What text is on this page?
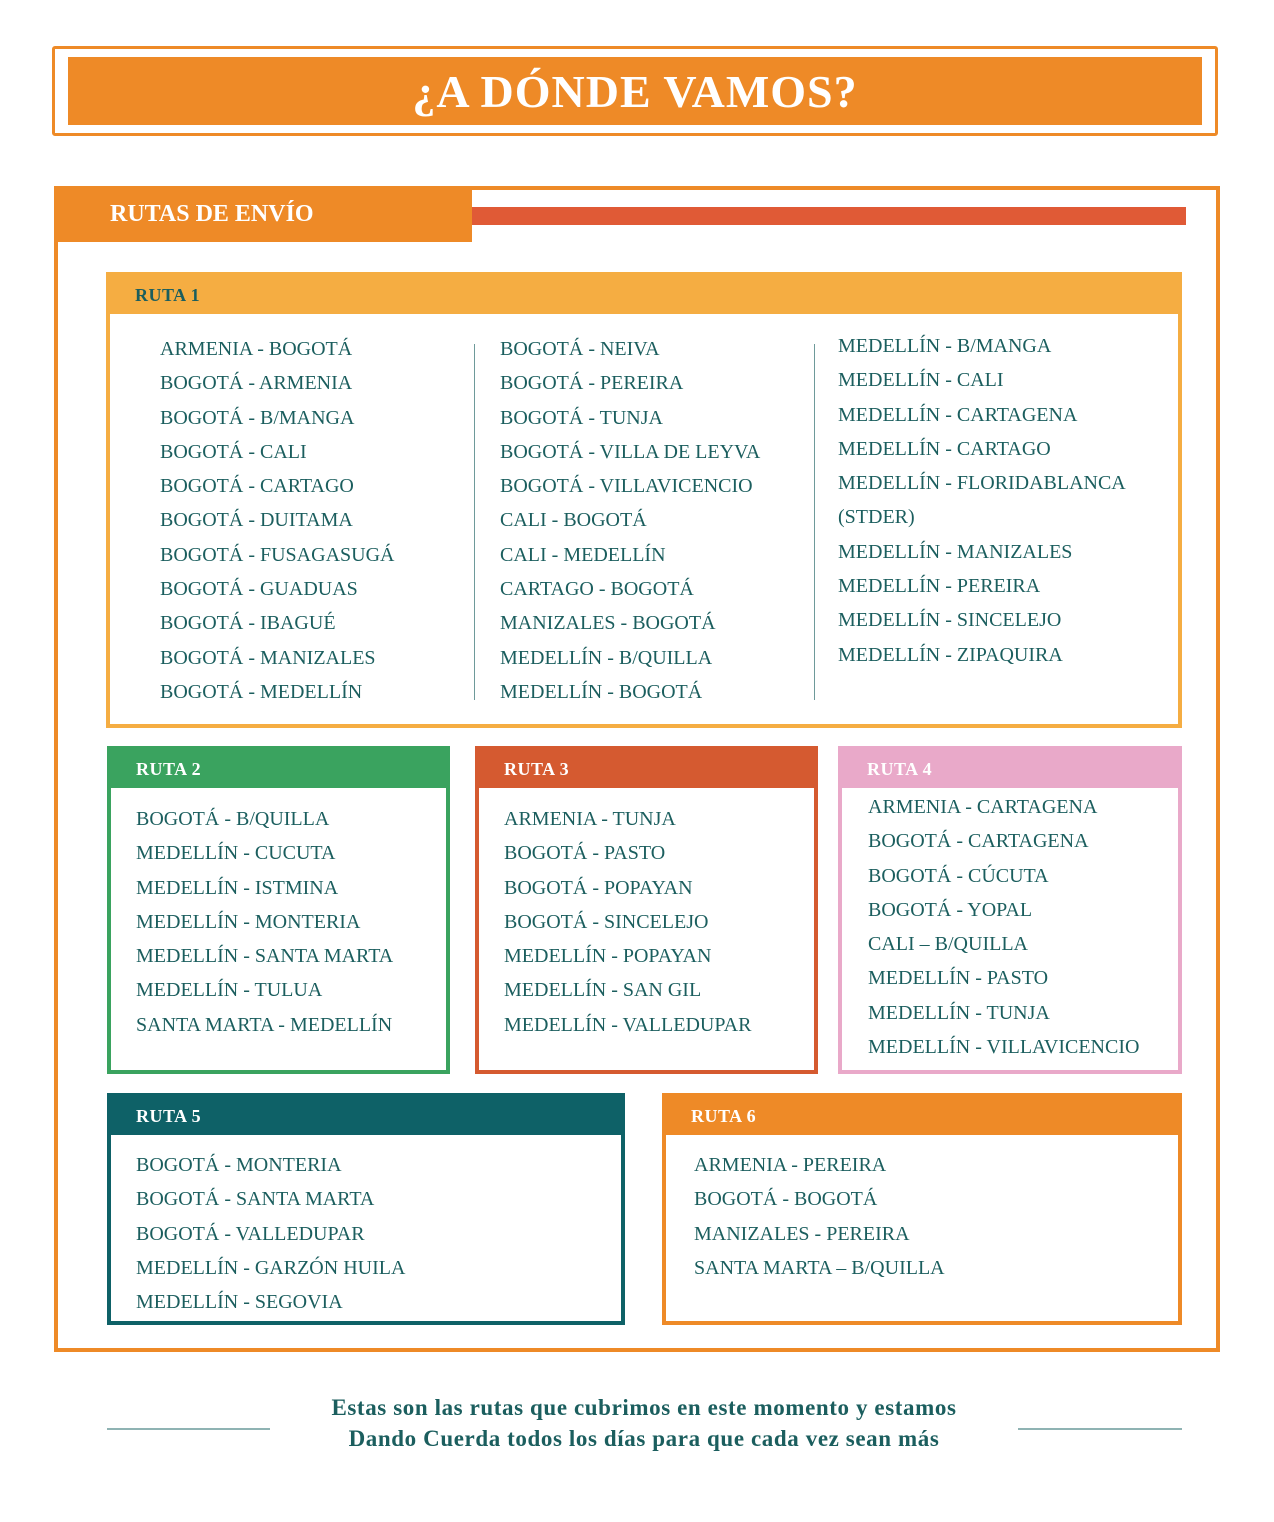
¿A DÓNDE VAMOS?
RUTAS DE ENVÍO
RUTA 1
ARMENIA - BOGOTÁ
BOGOTÁ - ARMENIA
BOGOTÁ - B/MANGA
BOGOTÁ - CALI
BOGOTÁ - CARTAGO
BOGOTÁ - DUITAMA
BOGOTÁ - FUSAGASUGÁ
BOGOTÁ - GUADUAS
BOGOTÁ - IBAGUÉ
BOGOTÁ - MANIZALES
BOGOTÁ - MEDELLÍN
BOGOTÁ - NEIVA
BOGOTÁ - PEREIRA
BOGOTÁ - TUNJA
BOGOTÁ - VILLA DE LEYVA
BOGOTÁ - VILLAVICENCIO
CALI - BOGOTÁ
CALI - MEDELLÍN
CARTAGO - BOGOTÁ
MANIZALES - BOGOTÁ
MEDELLÍN - B/QUILLA
MEDELLÍN - BOGOTÁ
MEDELLÍN - B/MANGA
MEDELLÍN - CALI
MEDELLÍN - CARTAGENA
MEDELLÍN - CARTAGO
MEDELLÍN - FLORIDABLANCA
(STDER)
MEDELLÍN - MANIZALES
MEDELLÍN - PEREIRA
MEDELLÍN - SINCELEJO
MEDELLÍN - ZIPAQUIRA
RUTA 2
BOGOTÁ - B/QUILLA
MEDELLÍN - CUCUTA
MEDELLÍN - ISTMINA
MEDELLÍN - MONTERIA
MEDELLÍN - SANTA MARTA
MEDELLÍN - TULUA
SANTA MARTA - MEDELLÍN
RUTA 3
ARMENIA - TUNJA
BOGOTÁ - PASTO
BOGOTÁ - POPAYAN
BOGOTÁ - SINCELEJO
MEDELLÍN - POPAYAN
MEDELLÍN - SAN GIL
MEDELLÍN - VALLEDUPAR
RUTA 4
ARMENIA - CARTAGENA
BOGOTÁ - CARTAGENA
BOGOTÁ - CÚCUTA
BOGOTÁ - YOPAL
CALI – B/QUILLA
MEDELLÍN - PASTO
MEDELLÍN - TUNJA
MEDELLÍN - VILLAVICENCIO
RUTA 5
BOGOTÁ - MONTERIA
BOGOTÁ - SANTA MARTA
BOGOTÁ - VALLEDUPAR
MEDELLÍN - GARZÓN HUILA
MEDELLÍN - SEGOVIA
RUTA 6
ARMENIA - PEREIRA
BOGOTÁ - BOGOTÁ
MANIZALES - PEREIRA
SANTA MARTA – B/QUILLA
Estas son las rutas que cubrimos en este momento y estamos
Dando Cuerda todos los días para que cada vez sean más
